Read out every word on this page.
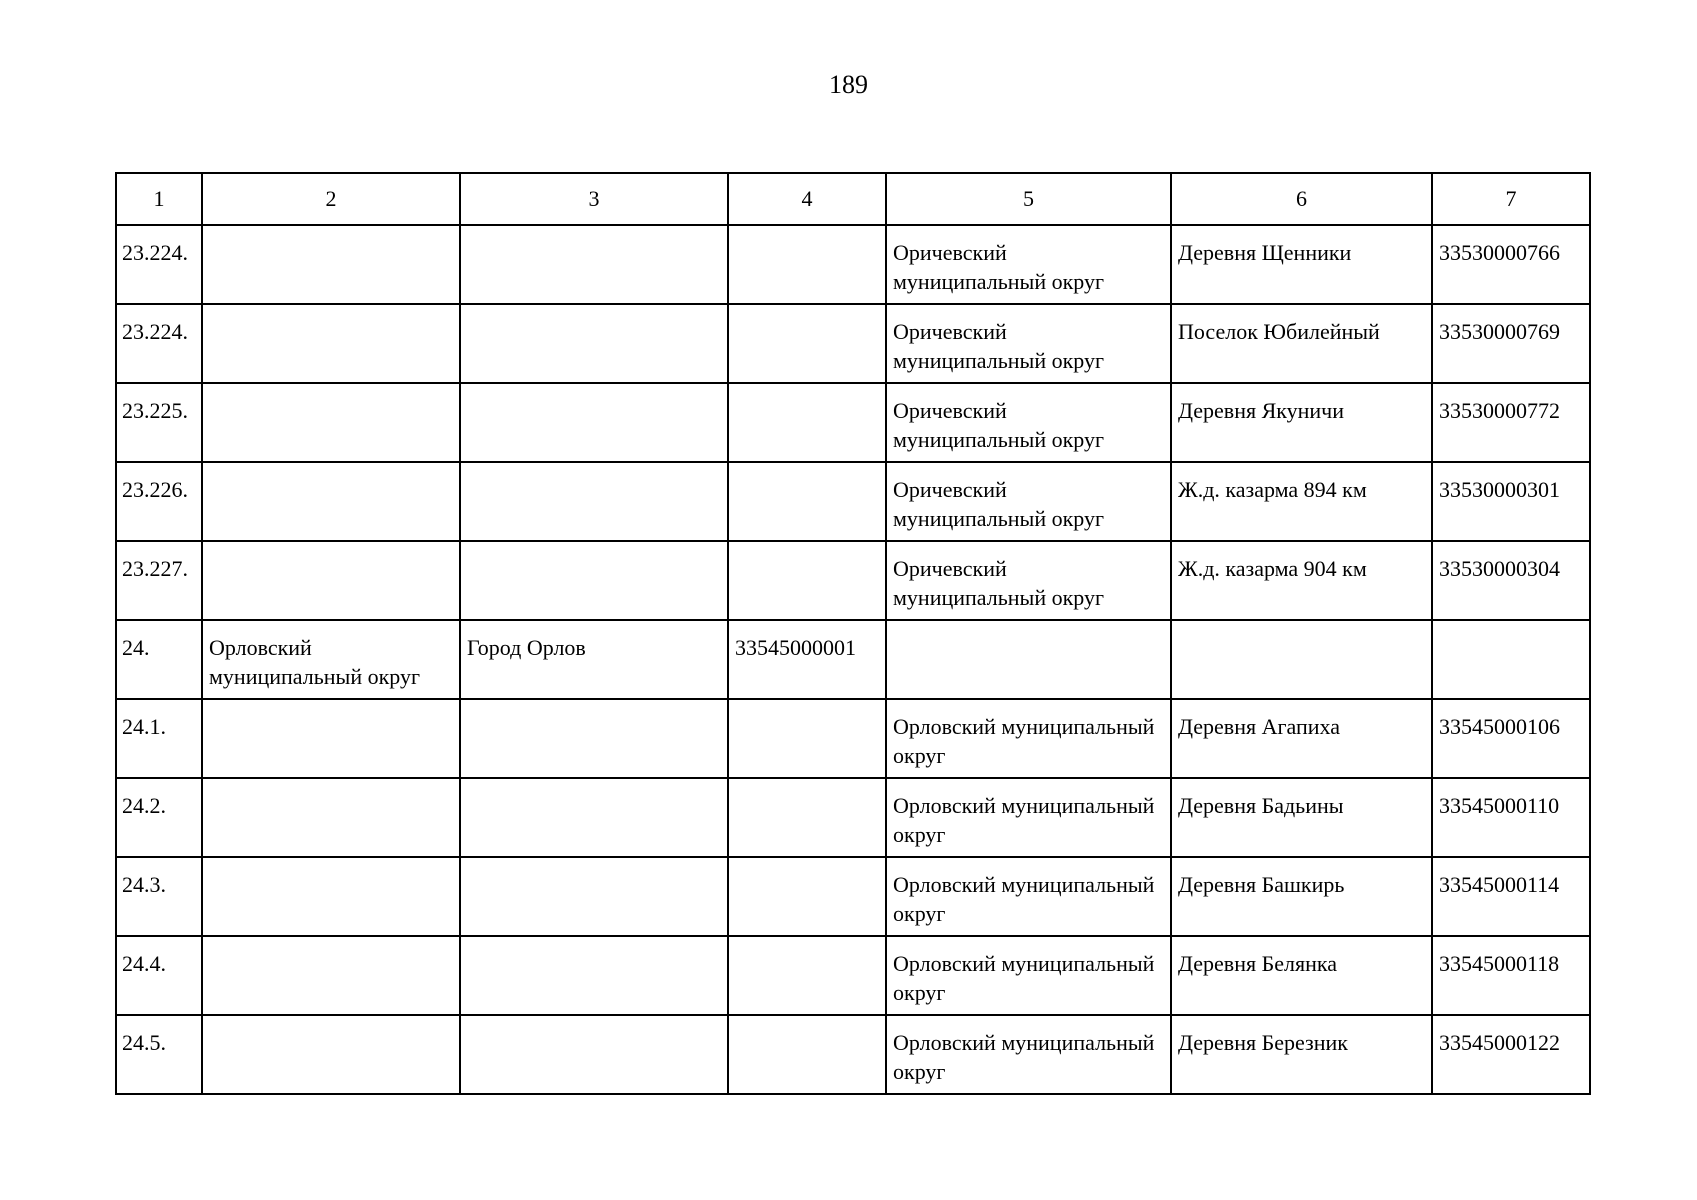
189
1	2	3	4	5	6	7

23.224.				Оричевский муниципальный округ	Деревня Щенники	33530000766

23.224.				Оричевский муниципальный округ	Поселок Юбилейный	33530000769

23.225.				Оричевский муниципальный округ	Деревня Якуничи	33530000772

23.226.				Оричевский муниципальный округ	Ж.д. казарма 894 км	33530000301

23.227.				Оричевский муниципальный округ	Ж.д. казарма 904 км	33530000304

24.	Орловский муниципальный округ	Город Орлов	33545000001			

24.1.				Орловский муниципальный округ	Деревня Агапиха	33545000106

24.2.				Орловский муниципальный округ	Деревня Бадьины	33545000110

24.3.				Орловский муниципальный округ	Деревня Башкирь	33545000114

24.4.				Орловский муниципальный округ	Деревня Белянка	33545000118

24.5.				Орловский муниципальный округ	Деревня Березник	33545000122
